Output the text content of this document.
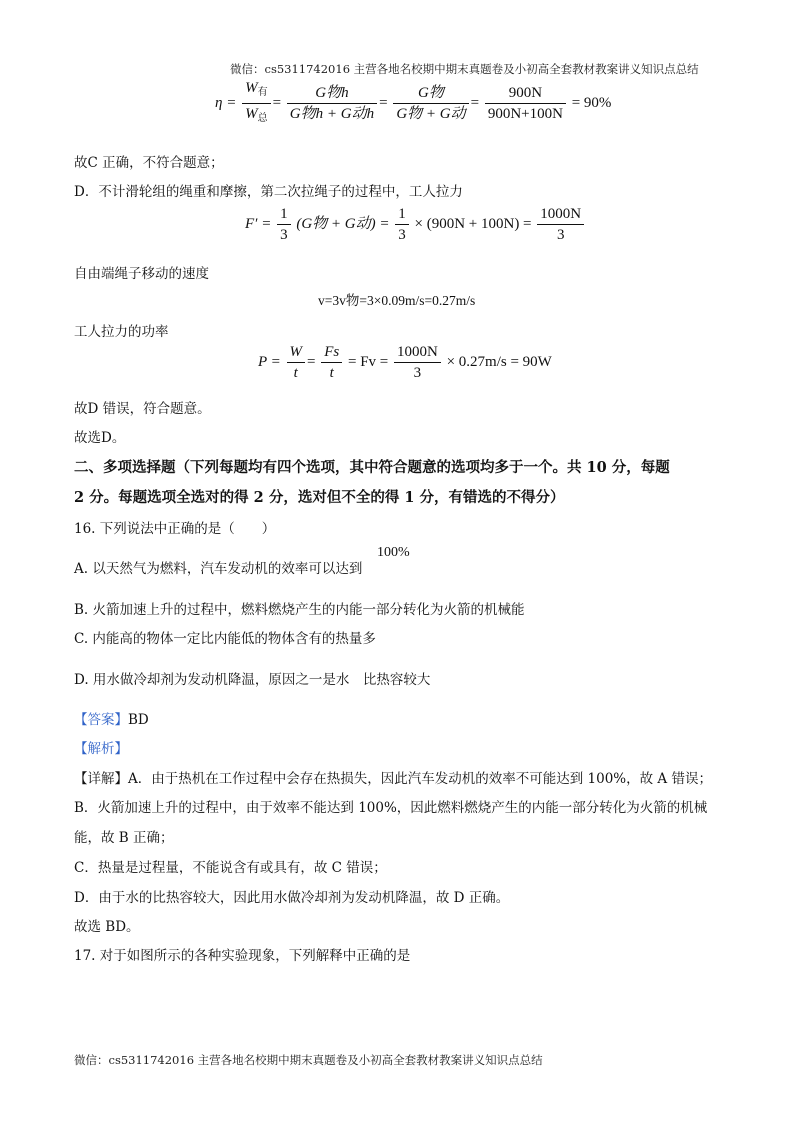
微信：cs5311742016 主营各地名校期中期末真题卷及小初高全套教材教案讲义知识点总结
$\eta = \frac{W_有}{W_总} = \frac{\text{G物h}}{\text{G物h + G动h}} = \frac{\text{G物}}{\text{G物 + G动}} = \frac{900N}{900N+100N} = 90\%$
故C 正确，不符合题意；
D．不计滑轮组的绳重和摩擦，第二次拉绳子的过程中，工人拉力
$F' = \frac{1}{3} (G$物 + G动) = $\frac{1}{3} \times (900N + 100N) = \frac{1000N}{3}$
自由端绳子移动的速度
v=3v物=3×0.09m/s=0.27m/s
工人拉力的功率
$P = \frac{W}{t} = \frac{Fs}{t} = Fv = \frac{1000N}{3} \times 0.27m/s = 90W$
故D 错误，符合题意。
故选D。
二、多项选择题（下列每题均有四个选项，其中符合题意的选项均多于一个。共 10 分，每题
2 分。每题选项全选对的得 2 分，选对但不全的得 1 分，有错选的不得分）
16. 下列说法中正确的是（　　）
A. 以天然气为燃料，汽车发动机的效率可以达到
100%
B. 火箭加速上升的过程中，燃料燃烧产生的内能一部分转化为火箭的机械能
C. 内能高的物体一定比内能低的物体含有的热量多
D. 用水做冷却剂为发动机降温，原因之一是水　比热容较大
【答案】BD
【解析】
【详解】A．由于热机在工作过程中会存在热损失，因此汽车发动机的效率不可能达到 100%，故 A 错误；
B．火箭加速上升的过程中，由于效率不能达到 100%，因此燃料燃烧产生的内能一部分转化为火箭的机械
能，故 B 正确；
C．热量是过程量，不能说含有或具有，故 C 错误；
D．由于水的比热容较大，因此用水做冷却剂为发动机降温，故 D 正确。
故选 BD。
17. 对于如图所示的各种实验现象，下列解释中正确的是
微信：cs5311742016 主营各地名校期中期末真题卷及小初高全套教材教案讲义知识点总结
